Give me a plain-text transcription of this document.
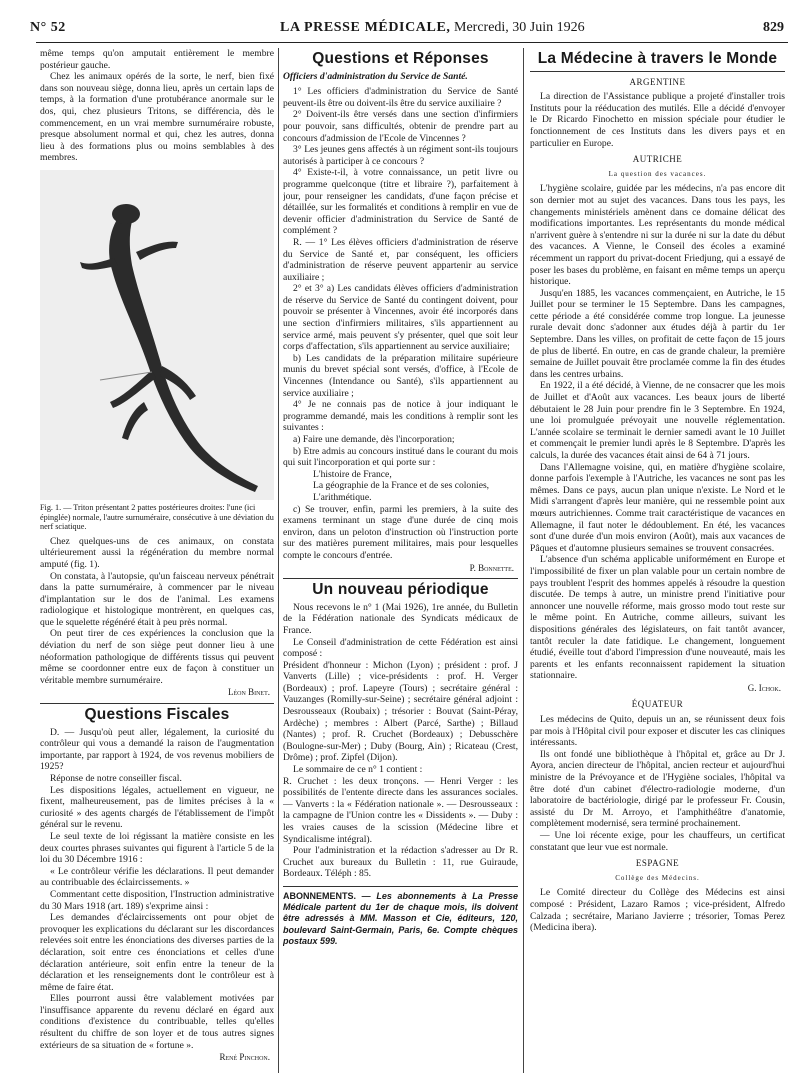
N° 52	LA PRESSE MÉDICALE, Mercredi, 30 Juin 1926	829

même temps qu'on amputait entièrement le membre postérieur gauche.

Chez les animaux opérés de la sorte, le nerf, bien fixé dans son nouveau siège, donna lieu, après un certain laps de temps, à la formation d'une protubérance anormale sur le dos, qui, chez plusieurs Tritons, se différencia, dès le commencement, en un vrai membre surnuméraire robuste, presque absolument normal et qui, chez les autres, donna lieu à des formations plus ou moins semblables à des membres.

Fig. 1. — Triton présentant 2 pattes postérieures droites: l'une (ici épinglée) normale, l'autre surnuméraire, consécutive à une déviation du nerf sciatique.

Chez quelques-uns de ces animaux, on constata ultérieurement aussi la régénération du membre normal amputé (fig. 1).

On constata, à l'autopsie, qu'un faisceau nerveux pénétrait dans la patte surnuméraire, à commencer par le niveau d'implantation sur le dos de l'animal. Les examens radiologique et histologique montrèrent, en quelques cas, que le squelette régénéré était à peu près normal.

On peut tirer de ces expériences la conclusion que la déviation du nerf de son siège peut donner lieu à une néoformation pathologique de différents tissus qui peuvent même se coordonner entre eux de façon à constituer un véritable membre surnuméraire.

Léon Binet.
Questions Fiscales

D. — Jusqu'où peut aller, légalement, la curiosité du contrôleur qui vous a demandé la raison de l'augmentation importante, par rapport à 1924, de vos revenus mobiliers de 1925?

Réponse de notre conseiller fiscal.

Les dispositions légales, actuellement en vigueur, ne fixent, malheureusement, pas de limites précises à la « curiosité » des agents chargés de l'établissement de l'impôt général sur le revenu.

Le seul texte de loi régissant la matière consiste en les deux courtes phrases suivantes qui figurent à l'article 5 de la loi du 30 Décembre 1916 :

« Le contrôleur vérifie les déclarations. Il peut demander au contribuable des éclaircissements. »

Commentant cette disposition, l'Instruction administrative du 30 Mars 1918 (art. 189) s'exprime ainsi :

Les demandes d'éclaircissements ont pour objet de provoquer les explications du déclarant sur les discordances relevées soit entre les énonciations des diverses parties de la déclaration, soit entre ces énonciations et celles d'une déclaration antérieure, soit enfin entre la teneur de la déclaration et les renseignements dont le contrôleur est à même de faire état.

Elles pourront aussi être valablement motivées par l'insuffisance apparente du revenu déclaré en égard aux conditions d'existence du contribuable, telles qu'elles résultent du chiffre de son loyer et de tous autres signes extérieurs de sa situation de « fortune ».

René Pinchon.
Questions et Réponses
Officiers d'administration du Service de Santé.

1° Les officiers d'administration du Service de Santé peuvent-ils être ou doivent-ils être du service auxiliaire ?

2° Doivent-ils être versés dans une section d'infirmiers pour pouvoir, sans difficultés, obtenir de prendre part au concours d'admission de l'Ecole de Vincennes ?

3° Les jeunes gens affectés à un régiment sont-ils toujours autorisés à participer à ce concours ?

4° Existe-t-il, à votre connaissance, un petit livre ou programme quelconque (titre et libraire ?), parfaitement à jour, pour renseigner les candidats, d'une façon précise et détaillée, sur les formalités et conditions à remplir en vue de devenir officier d'administration du Service de Santé de complément ?

R. — 1° Les élèves officiers d'administration de réserve du Service de Santé et, par conséquent, les officiers d'administration de réserve peuvent appartenir au service auxiliaire ;

2° et 3° a) Les candidats élèves officiers d'administration de réserve du Service de Santé du contingent doivent, pour pouvoir se présenter à Vincennes, avoir été incorporés dans une section d'infirmiers militaires, s'ils appartiennent au service armé, mais peuvent s'y présenter, quel que soit leur corps d'affectation, s'ils appartiennent au service auxiliaire;

b) Les candidats de la préparation militaire supérieure munis du brevet spécial sont versés, d'office, à l'Ecole de Vincennes (Intendance ou Santé), s'ils appartiennent au service auxiliaire ;

4° Je ne connais pas de notice à jour indiquant le programme demandé, mais les conditions à remplir sont les suivantes :

a) Faire une demande, dès l'incorporation;

b) Etre admis au concours institué dans le courant du mois qui suit l'incorporation et qui porte sur :

L'histoire de France,

La géographie de la France et de ses colonies,

L'arithmétique.

c) Se trouver, enfin, parmi les premiers, à la suite des examens terminant un stage d'une durée de cinq mois environ, dans un peloton d'instruction où l'instruction porte sur des matières purement militaires, mais pour lesquelles compte le concours d'entrée.

P. Bonnette.
Un nouveau périodique

Nous recevons le n° 1 (Mai 1926), 1re année, du Bulletin de la Fédération nationale des Syndicats médicaux de France.

Le Conseil d'administration de cette Fédération est ainsi composé :

Président d'honneur : Michon (Lyon) ; président : prof. J Vanverts (Lille) ; vice-présidents : prof. H. Verger (Bordeaux) ; prof. Lapeyre (Tours) ; secrétaire général : Vauzanges (Romilly-sur-Seine) ; secrétaire général adjoint : Desrousseaux (Roubaix) ; trésorier : Bouvat (Saint-Péray, Ardèche) ; membres : Albert (Parcé, Sarthe) ; Billaud (Nantes) ; prof. R. Cruchet (Bordeaux) ; Debusschère (Boulogne-sur-Mer) ; Duby (Bourg, Ain) ; Ricateau (Crest, Drôme) ; prof. Zipfel (Dijon).

Le sommaire de ce n° 1 contient :

R. Cruchet : les deux tronçons. — Henri Verger : les possibilités de l'entente directe dans les assurances sociales. — Vanverts : la « Fédération nationale ». — Desrousseaux : la campagne de l'Union contre les « Dissidents ». — Duby : les vraies causes de la scission (Médecine libre et Syndicalisme intégral).

Pour l'administration et la rédaction s'adresser au Dr R. Cruchet aux bureaux du Bulletin : 11, rue Guiraude, Bordeaux. Téléph : 85.

ABONNEMENTS. — Les abonnements à La Presse Médicale partent du 1er de chaque mois, ils doivent être adressés à MM. Masson et Cie, éditeurs, 120, boulevard Saint-Germain, Paris, 6e. Compte chèques postaux 599.

La Médecine à travers le Monde
ARGENTINE

La direction de l'Assistance publique a projeté d'installer trois Instituts pour la rééducation des mutilés. Elle a décidé d'envoyer le Dr Ricardo Finochetto en mission spéciale pour étudier le fonctionnement de ces Instituts dans les divers pays et en particulier en Europe.

AUTRICHE
La question des vacances.

L'hygiène scolaire, guidée par les médecins, n'a pas encore dit son dernier mot au sujet des vacances. Dans tous les pays, les changements ministériels amènent dans ce domaine délicat des modifications importantes. Les représentants du monde médical n'arrivent guère à s'entendre ni sur la durée ni sur la date du début des vacances. A Vienne, le Conseil des écoles a examiné récemment un rapport du privat-docent Friedjung, qui a essayé de poser les bases du problème, en faisant en même temps un aperçu historique.

Jusqu'en 1885, les vacances commençaient, en Autriche, le 15 Juillet pour se terminer le 15 Septembre. Dans les campagnes, cette période a été considérée comme trop longue. La jeunesse rurale devait donc s'adonner aux études déjà à partir du 1er Septembre. Dans les villes, on profitait de cette façon de 15 jours de plus de liberté. En outre, en cas de grande chaleur, la première semaine de Juillet pouvait être proclamée comme la fin des études dans les centres urbains.

En 1922, il a été décidé, à Vienne, de ne consacrer que les mois de Juillet et d'Août aux vacances. Les beaux jours de liberté débutaient le 28 Juin pour prendre fin le 3 Septembre. En 1924, une loi promulguée prévoyait une nouvelle réglementation. L'année scolaire se terminait le dernier samedi avant le 10 Juillet et commençait le premier lundi après le 8 Septembre. D'après les calculs, la durée des vacances était ainsi de 64 à 71 jours.

Dans l'Allemagne voisine, qui, en matière d'hygiène scolaire, donne parfois l'exemple à l'Autriche, les vacances ne sont pas les mêmes. Dans ce pays, aucun plan unique n'existe. Le Nord et le Midi s'arrangent d'après leur manière, qui ne ressemble point aux mœurs autrichiennes. Comme trait caractéristique de vacances en Allemagne, il faut noter le dédoublement. En été, les vacances sont d'une durée d'un mois environ (Août), mais aux vacances de Pâques et d'automne plusieurs semaines se trouvent consacrées.

L'absence d'un schéma applicable uniformément en Europe et l'impossibilité de fixer un plan valable pour un certain nombre de pays troublent l'esprit des hommes appelés à résoudre la question discutée. De temps à autre, un ministre prend l'initiative pour annoncer une nouvelle réforme, mais grosso modo tout reste sur le même point. En Autriche, comme ailleurs, suivant les dispositions générales des législateurs, on fait tantôt avancer, tantôt reculer la date fatidique. Le changement, longuement étudié, éveille tout d'abord l'impression d'une nouveauté, mais les parents et les enfants reconnaissent rapidement la situation stationnaire.

G. Ichok.
ÉQUATEUR

Les médecins de Quito, depuis un an, se réunissent deux fois par mois à l'Hôpital civil pour exposer et discuter les cas cliniques intéressants.

Ils ont fondé une bibliothèque à l'hôpital et, grâce au Dr J. Ayora, ancien directeur de l'hôpital, ancien recteur et aujourd'hui ministre de la Prévoyance et de l'Hygiène sociales, l'hôpital va être doté d'un cabinet d'électro-radiologie moderne, d'un laboratoire de bactériologie, dirigé par le professeur Fr. Cousin, assisté du Dr M. Arroyo, et l'amphithéâtre d'anatomie, complètement modernisé, sera terminé prochainement.

— Une loi récente exige, pour les chauffeurs, un certificat constatant que leur vue est normale.

ESPAGNE
Collège des Médecins.

Le Comité directeur du Collège des Médecins est ainsi composé : Président, Lazaro Ramos ; vice-président, Alfredo Calzada ; secrétaire, Mariano Javierre ; trésorier, Tomas Perez (Medicina ibera).
